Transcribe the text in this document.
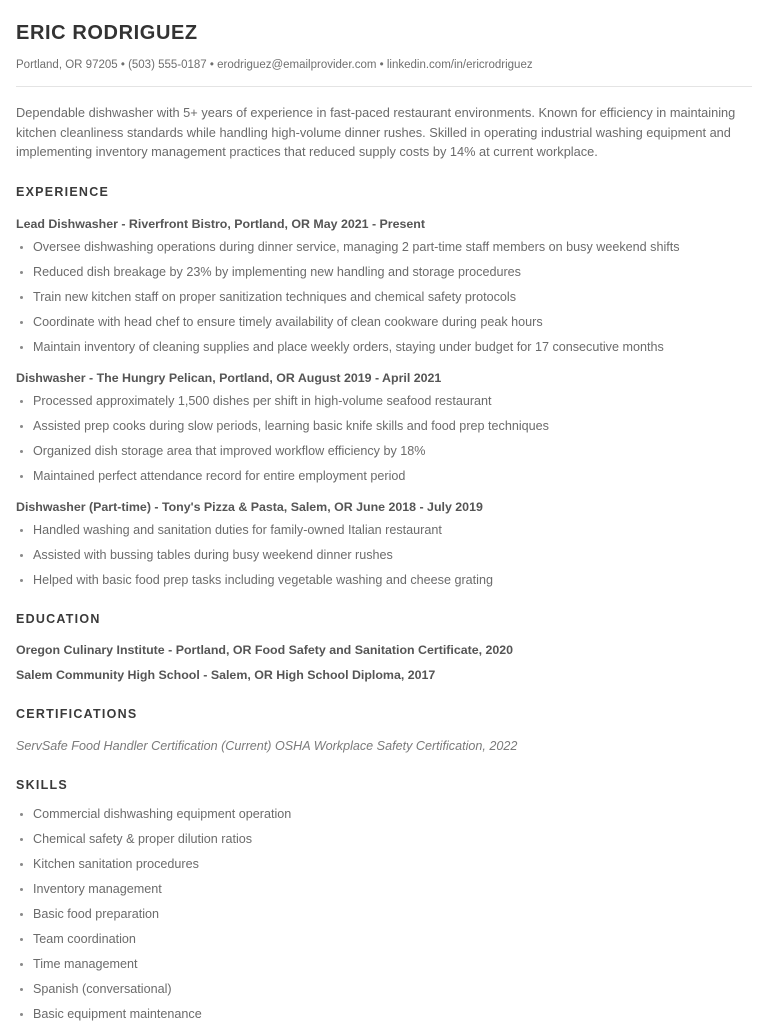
ERIC RODRIGUEZ
Portland, OR 97205 • (503) 555-0187 • erodriguez@emailprovider.com • linkedin.com/in/ericrodriguez

Dependable dishwasher with 5+ years of experience in fast-paced restaurant environments. Known for efficiency in maintaining kitchen cleanliness standards while handling high-volume dinner rushes. Skilled in operating industrial washing equipment and implementing inventory management practices that reduced supply costs by 14% at current workplace.

EXPERIENCE
Lead Dishwasher - Riverfront Bistro, Portland, OR May 2021 - Present
Oversee dishwashing operations during dinner service, managing 2 part-time staff members on busy weekend shifts
Reduced dish breakage by 23% by implementing new handling and storage procedures
Train new kitchen staff on proper sanitization techniques and chemical safety protocols
Coordinate with head chef to ensure timely availability of clean cookware during peak hours
Maintain inventory of cleaning supplies and place weekly orders, staying under budget for 17 consecutive months
Dishwasher - The Hungry Pelican, Portland, OR August 2019 - April 2021
Processed approximately 1,500 dishes per shift in high-volume seafood restaurant
Assisted prep cooks during slow periods, learning basic knife skills and food prep techniques
Organized dish storage area that improved workflow efficiency by 18%
Maintained perfect attendance record for entire employment period
Dishwasher (Part-time) - Tony's Pizza & Pasta, Salem, OR June 2018 - July 2019
Handled washing and sanitation duties for family-owned Italian restaurant
Assisted with bussing tables during busy weekend dinner rushes
Helped with basic food prep tasks including vegetable washing and cheese grating
EDUCATION
Oregon Culinary Institute - Portland, OR Food Safety and Sanitation Certificate, 2020
Salem Community High School - Salem, OR High School Diploma, 2017
CERTIFICATIONS
ServSafe Food Handler Certification (Current) OSHA Workplace Safety Certification, 2022
SKILLS
Commercial dishwashing equipment operation
Chemical safety & proper dilution ratios
Kitchen sanitation procedures
Inventory management
Basic food preparation
Team coordination
Time management
Spanish (conversational)
Basic equipment maintenance
